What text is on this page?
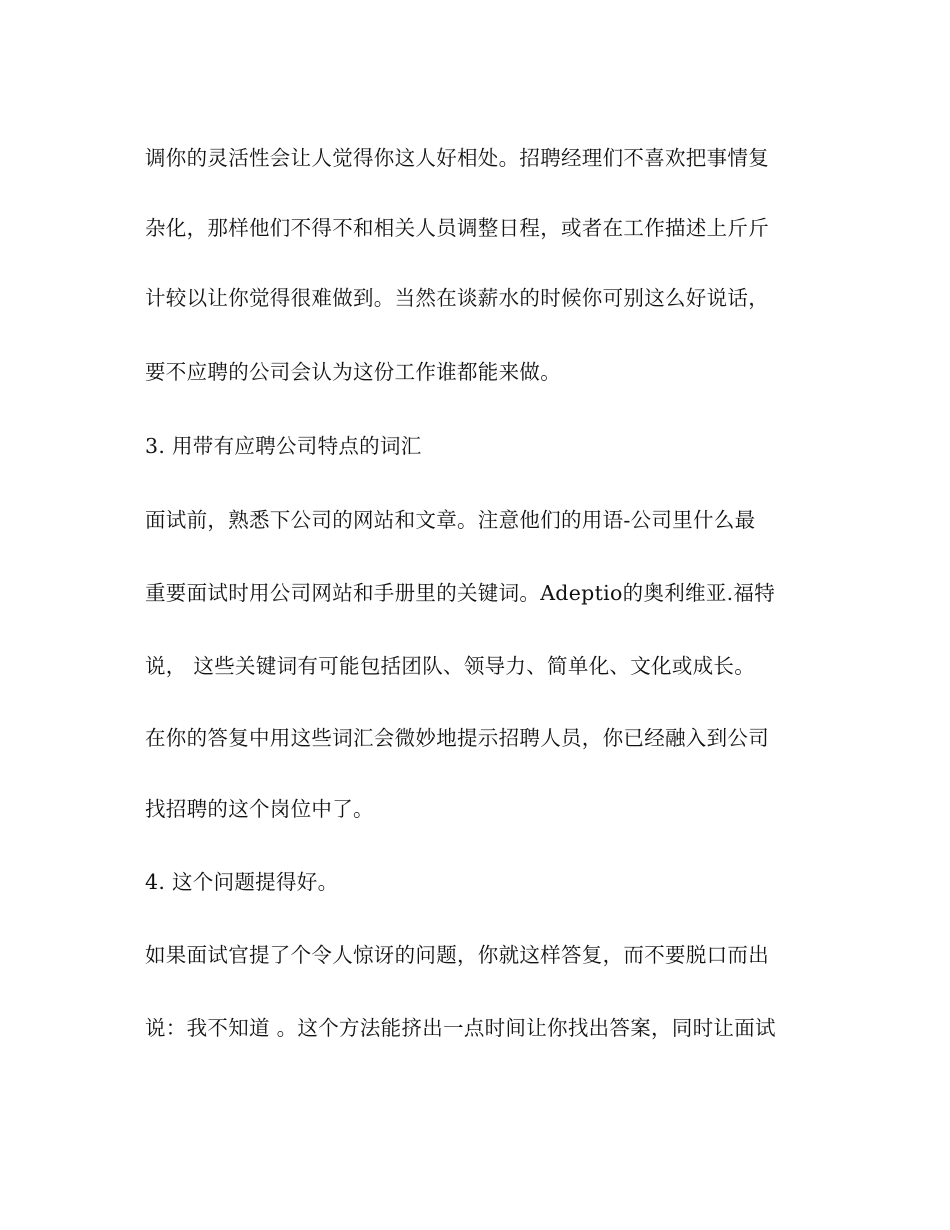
调你的灵活性会让人觉得你这人好相处。招聘经理们不喜欢把事情复
杂化，那样他们不得不和相关人员调整日程，或者在工作描述上斤斤
计较以让你觉得很难做到。当然在谈薪水的时候你可别这么好说话，
要不应聘的公司会认为这份工作谁都能来做。
3. 用带有应聘公司特点的词汇
面试前，熟悉下公司的网站和文章。注意他们的用语-公司里什么最
重要面试时用公司网站和手册里的关键词。Adeptio的奥利维亚.福特
说， 这些关键词有可能包括团队、领导力、简单化、文化或成长。
在你的答复中用这些词汇会微妙地提示招聘人员，你已经融入到公司
找招聘的这个岗位中了。
4. 这个问题提得好。
如果面试官提了个令人惊讶的问题，你就这样答复，而不要脱口而出
说：我不知道 。这个方法能挤出一点时间让你找出答案，同时让面试
